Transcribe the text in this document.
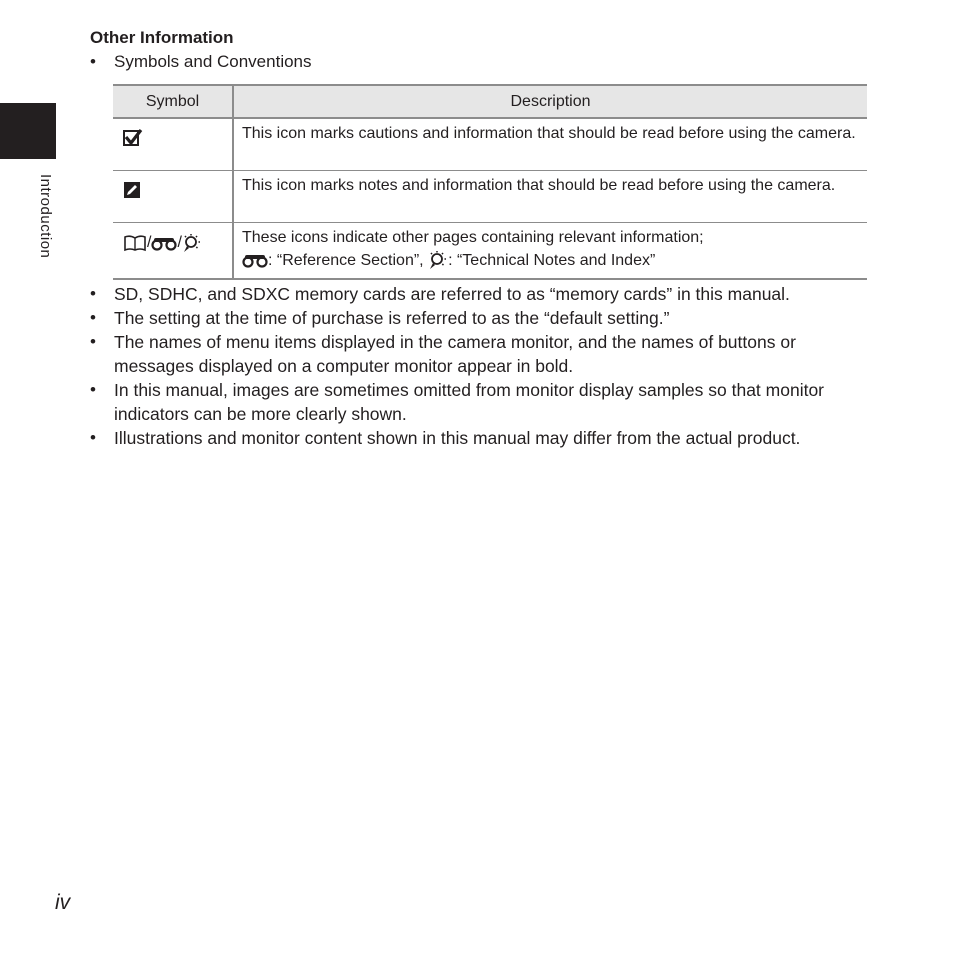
Introduction
Other Information
•	Symbols and Conventions
Symbol	Description
	This icon marks cautions and information that should be read before using the camera.
	This icon marks notes and information that should be read before using the camera.
/ /	These icons indicate other pages containing relevant information;
: “Reference Section”, : “Technical Notes and Index”
•	SD, SDHC, and SDXC memory cards are referred to as “memory cards” in this manual.
•	The setting at the time of purchase is referred to as the “default setting.”
•	The names of menu items displayed in the camera monitor, and the names of buttons or messages displayed on a computer monitor appear in bold.
•	In this manual, images are sometimes omitted from monitor display samples so that monitor indicators can be more clearly shown.
•	Illustrations and monitor content shown in this manual may differ from the actual product.

iv
